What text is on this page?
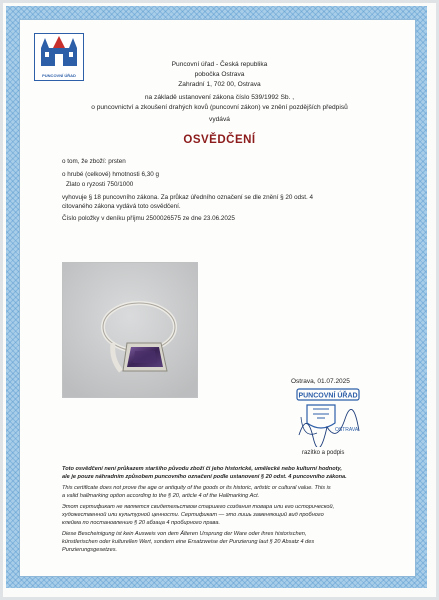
PUNCOVNÍ ÚŘAD
Puncovní úřad - Česká republika
pobočka Ostrava
Zahradní 1, 702 00, Ostrava
na základě ustanovení zákona číslo 539/1992 Sb. ,
o puncovnictví a zkoušení drahých kovů (puncovní zákon) ve znění pozdějších předpisů
vydává
OSVĚDČENÍ
o tom, že zboží: prsten
o hrubé (celkové) hmotnosti 6,30 g
Zlato o ryzosti 750/1000
vyhovuje § 18 puncovního zákona. Za průkaz úředního označení se dle znění § 20 odst. 4
citovaného zákona vydává toto osvědčení.
Číslo položky v deníku příjmu 2500026575 ze dne 23.06.2025
Ostrava, 01.07.2025
PUNCOVNÍ ÚŘAD
OSTRAVA
razítko a podpis
Toto osvědčení není průkazem staršího původu zboží či jeho historické, umělecké nebo kulturní hodnoty,
ale je pouze náhradním způsobem puncovního označení podle ustanovení § 20 odst. 4 puncovního zákona.
This certificate does not prove the age or antiquity of the goods or its historic, artistic or cultural value. This is
a valid hallmarking option according to the § 20, article 4 of the Hallmarking Act.
Этот сертификат не является свидетельством старшего создания товара или его исторической,
художественной или культурной ценности. Сертификат — это лишь заменяющий вид пробного
клейма по постановлению § 20 абзаца 4 пробирного права.
Diese Bescheinigung ist kein Ausweis von dem Älteren Ursprung der Ware oder ihres historischen,
künstlerischen oder kulturellen Wert, sondern eine Ersatzweise der Punzierung laut § 20 Absatz 4 des
Punzierungsgesetzes.
